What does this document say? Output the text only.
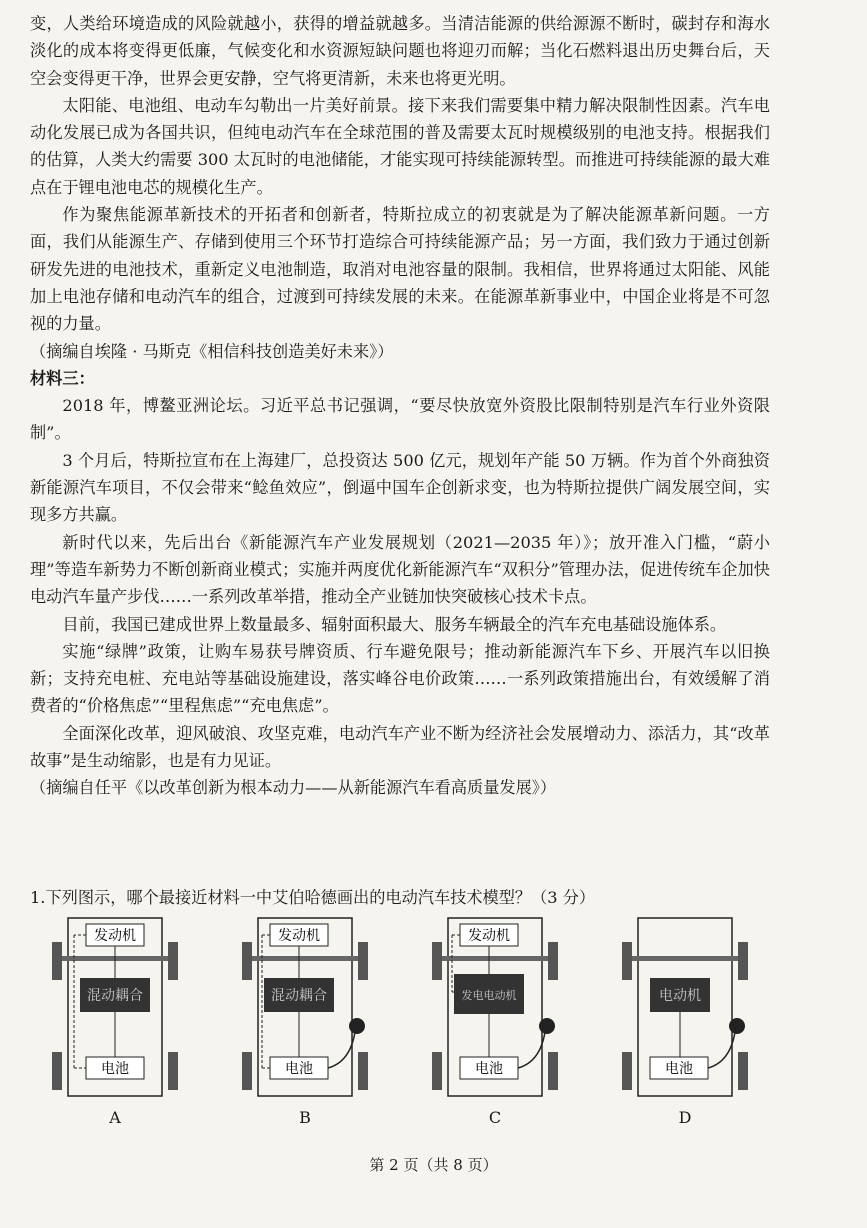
变，人类给环境造成的风险就越小，获得的增益就越多。当清洁能源的供给源源不断时，碳封存和海水淡化的成本将变得更低廉，气候变化和水资源短缺问题也将迎刃而解；当化石燃料退出历史舞台后，天空会变得更干净，世界会更安静，空气将更清新，未来也将更光明。

太阳能、电池组、电动车勾勒出一片美好前景。接下来我们需要集中精力解决限制性因素。汽车电动化发展已成为各国共识，但纯电动汽车在全球范围的普及需要太瓦时规模级别的电池支持。根据我们的估算，人类大约需要 300 太瓦时的电池储能，才能实现可持续能源转型。而推进可持续能源的最大难点在于锂电池电芯的规模化生产。

作为聚焦能源革新技术的开拓者和创新者，特斯拉成立的初衷就是为了解决能源革新问题。一方面，我们从能源生产、存储到使用三个环节打造综合可持续能源产品；另一方面，我们致力于通过创新研发先进的电池技术，重新定义电池制造，取消对电池容量的限制。我相信，世界将通过太阳能、风能加上电池存储和电动汽车的组合，过渡到可持续发展的未来。在能源革新事业中，中国企业将是不可忽视的力量。

（摘编自埃隆 · 马斯克《相信科技创造美好未来》）

材料三：

2018 年，博鳌亚洲论坛。习近平总书记强调，“要尽快放宽外资股比限制特别是汽车行业外资限制”。

3 个月后，特斯拉宣布在上海建厂，总投资达 500 亿元，规划年产能 50 万辆。作为首个外商独资新能源汽车项目，不仅会带来“鲶鱼效应”，倒逼中国车企创新求变，也为特斯拉提供广阔发展空间，实现多方共赢。

新时代以来，先后出台《新能源汽车产业发展规划（2021—2035 年）》；放开准入门槛，“蔚小理”等造车新势力不断创新商业模式；实施并两度优化新能源汽车“双积分”管理办法，促进传统车企加快电动汽车量产步伐……一系列改革举措，推动全产业链加快突破核心技术卡点。

目前，我国已建成世界上数量最多、辐射面积最大、服务车辆最全的汽车充电基础设施体系。

实施“绿牌”政策，让购车易获号牌资质、行车避免限号；推动新能源汽车下乡、开展汽车以旧换新；支持充电桩、充电站等基础设施建设，落实峰谷电价政策……一系列政策措施出台，有效缓解了消费者的“价格焦虑”“里程焦虑”“充电焦虑”。

全面深化改革，迎风破浪、攻坚克难，电动汽车产业不断为经济社会发展增动力、添活力，其“改革故事”是生动缩影，也是有力见证。

（摘编自任平《以改革创新为根本动力——从新能源汽车看高质量发展》）

1.下列图示，哪个最接近材料一中艾伯哈德画出的电动汽车技术模型？（3 分）
发动机
混动耦合
电池
A
发动机
混动耦合
电池
B
发动机
发电电动机
电池
C
电动机
电池
D
第 2 页（共 8 页）
